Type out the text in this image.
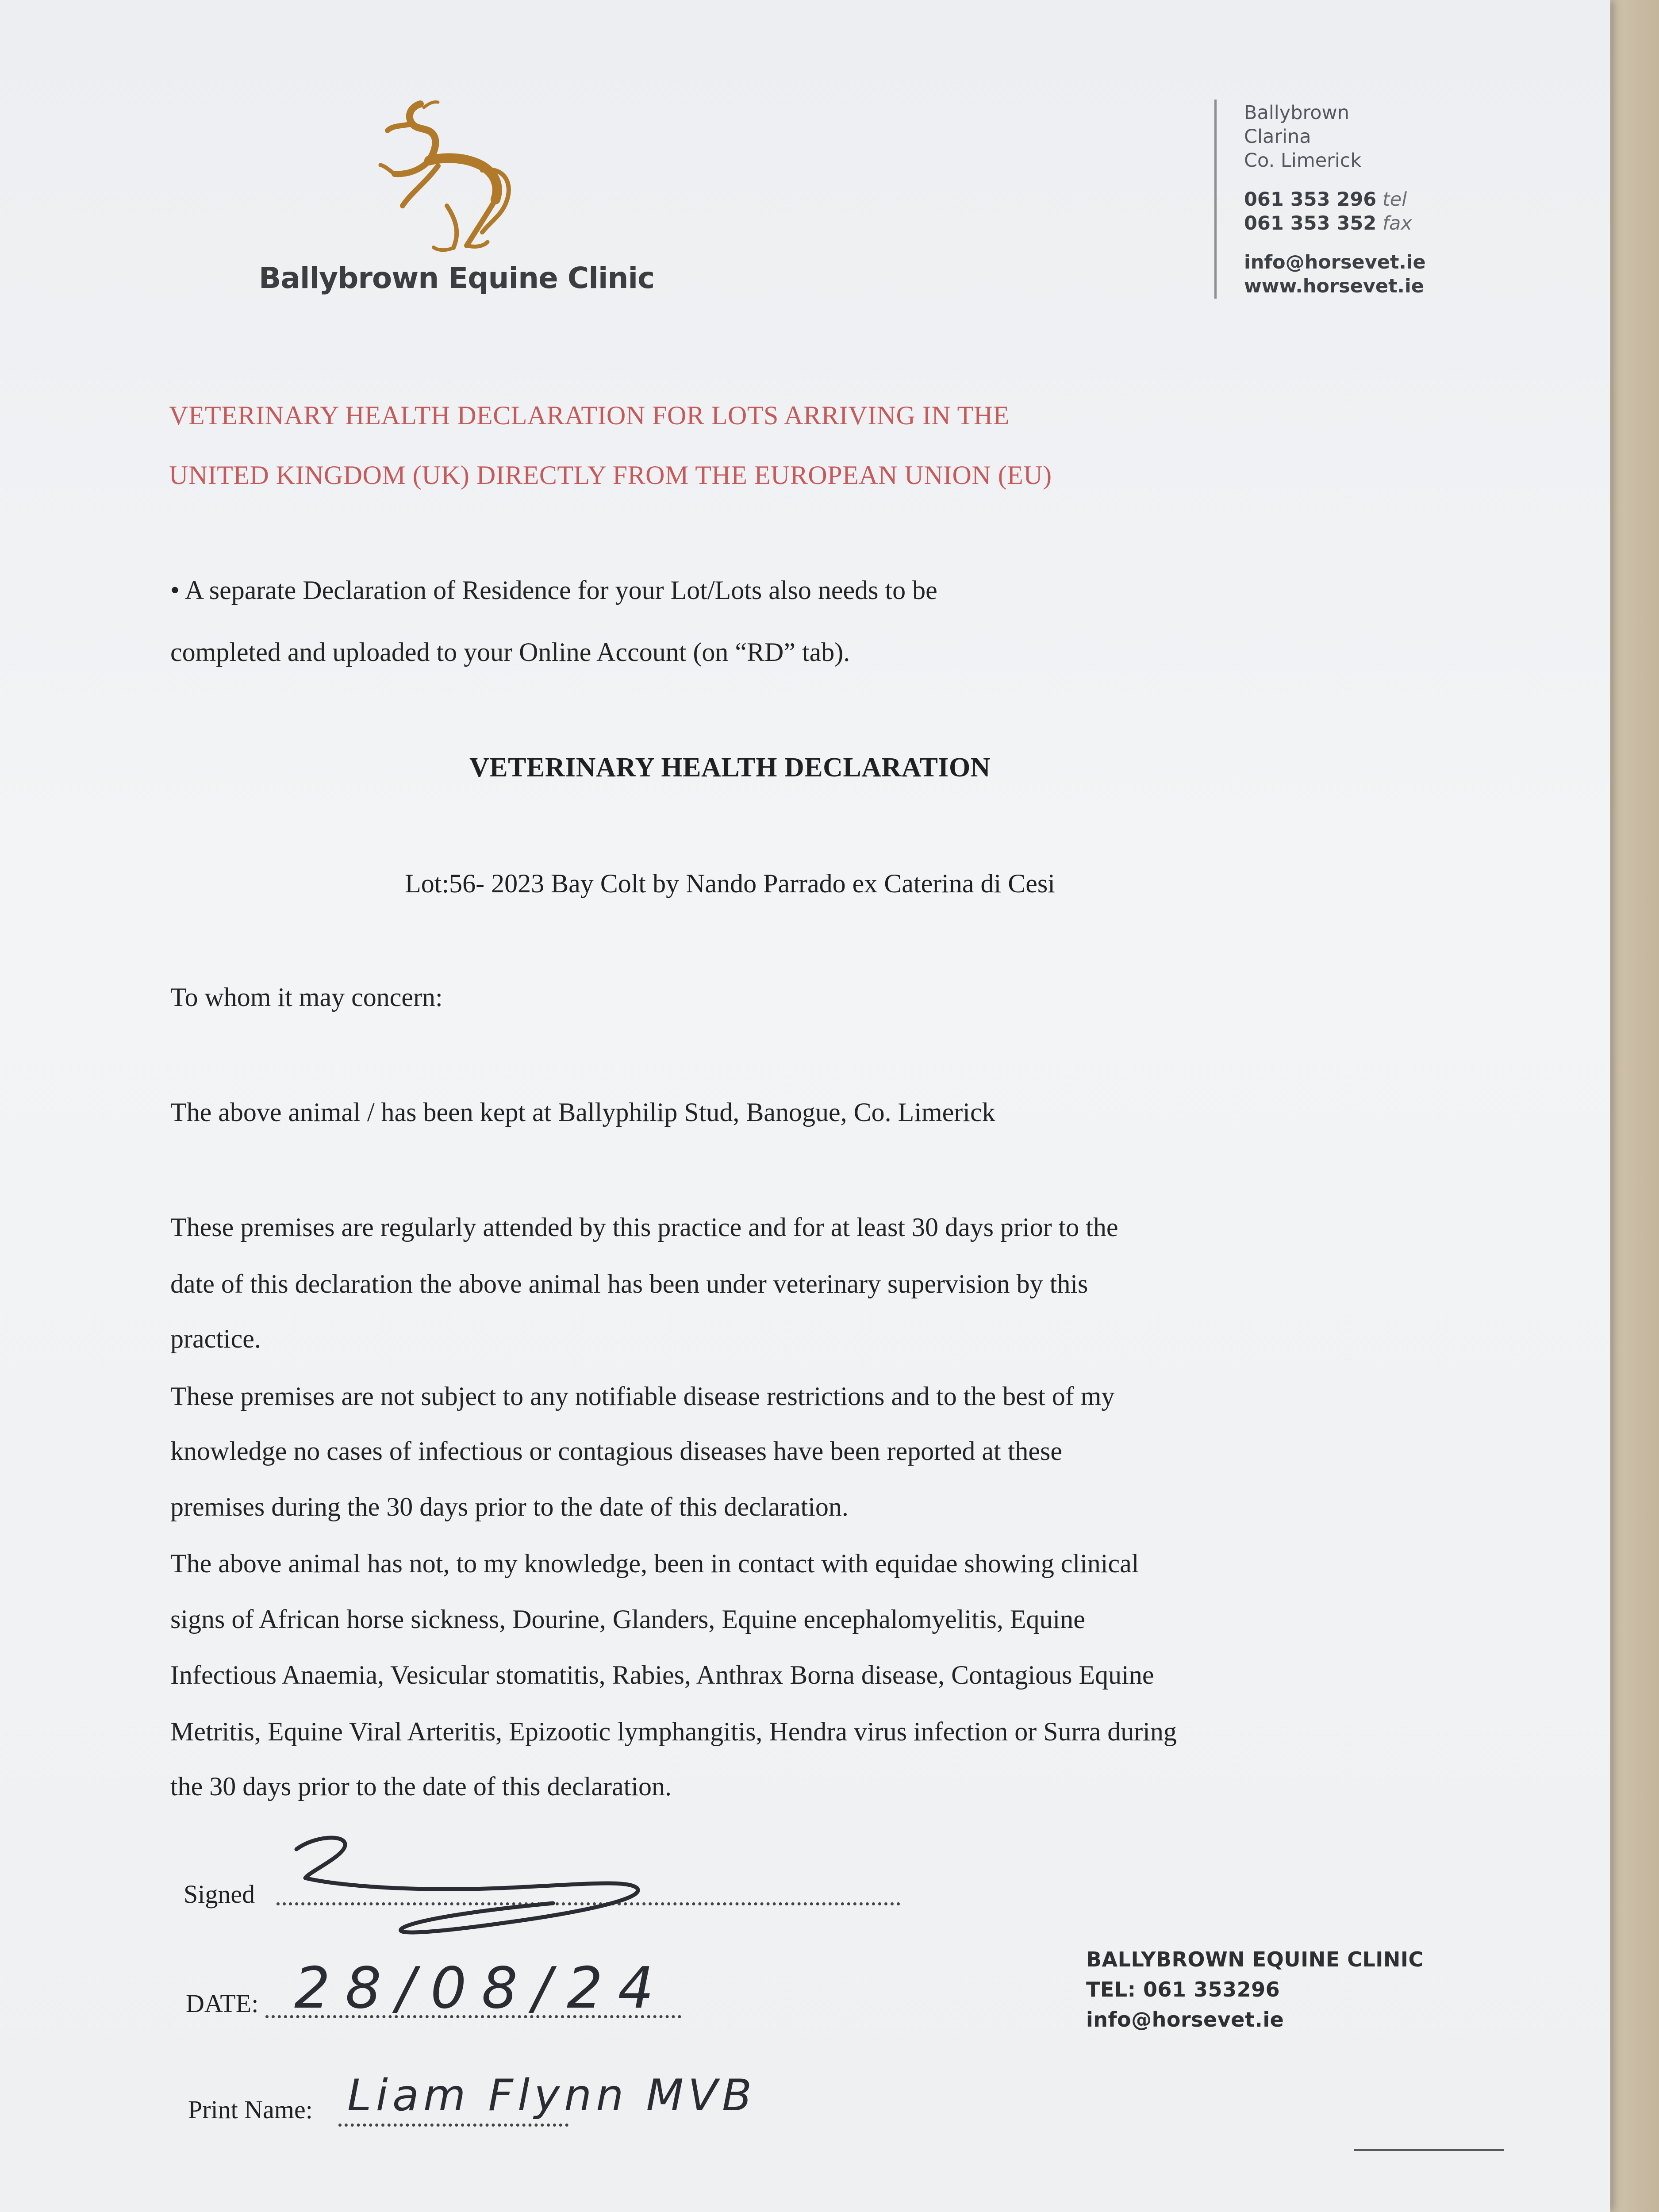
Ballybrown Equine Clinic
Ballybrown
Clarina
Co. Limerick
061 353 296 tel
061 353 352 fax
info@horsevet.ie
www.horsevet.ie
VETERINARY HEALTH DECLARATION FOR LOTS ARRIVING IN THE
UNITED KINGDOM (UK) DIRECTLY FROM THE EUROPEAN UNION (EU)
• A separate Declaration of Residence for your Lot/Lots also needs to be
completed and uploaded to your Online Account (on “RD” tab).
VETERINARY HEALTH DECLARATION
Lot:56- 2023 Bay Colt by Nando Parrado ex Caterina di Cesi
To whom it may concern:
The above animal / has been kept at Ballyphilip Stud, Banogue, Co. Limerick
These premises are regularly attended by this practice and for at least 30 days prior to the
date of this declaration the above animal has been under veterinary supervision by this
practice.
These premises are not subject to any notifiable disease restrictions and to the best of my
knowledge no cases of infectious or contagious diseases have been reported at these
premises during the 30 days prior to the date of this declaration.
The above animal has not, to my knowledge, been in contact with equidae showing clinical
signs of African horse sickness, Dourine, Glanders, Equine encephalomyelitis, Equine
Infectious Anaemia, Vesicular stomatitis, Rabies, Anthrax Borna disease, Contagious Equine
Metritis, Equine Viral Arteritis, Epizootic lymphangitis, Hendra virus infection or Surra during
the 30 days prior to the date of this declaration.
Signed
DATE: 28/08/24
Print Name: Liam Flynn MVB
BALLYBROWN EQUINE CLINIC
TEL: 061 353296
info@horsevet.ie
